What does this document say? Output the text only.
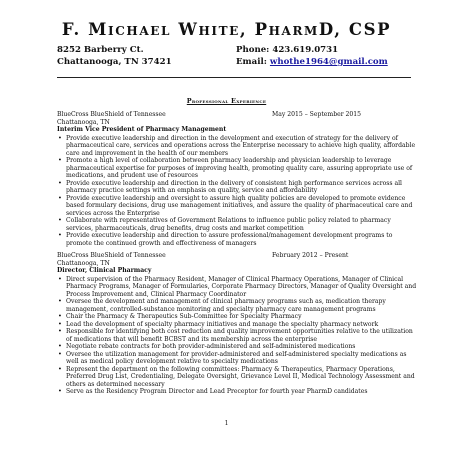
F. Michael White, PharmD, CSP
8252 Barberry Ct.
Chattanooga, TN 37421
Phone: 423.619.0731
Email: whothe1964@gmail.com
Professional Experience
BlueCross BlueShield of Tennessee	May 2015 – September 2015
Chattanooga, TN
Interim Vice President of Pharmacy Management
• Provide executive leadership and direction in the development and execution of strategy for the delivery of pharmaceutical care, services and operations across the Enterprise necessary to achieve high quality, affordable care and improvement in the health of our members
• Promote a high level of collaboration between pharmacy leadership and physician leadership to leverage pharmaceutical expertise for purposes of improving health, promoting quality care, assuring appropriate use of medications, and prudent use of resources
• Provide executive leadership and direction in the delivery of consistent high performance services across all pharmacy practice settings with an emphasis on quality, service and affordability
• Provide executive leadership and oversight to assure high quality policies are developed to promote evidence based formulary decisions, drug use management initiatives, and assure the quality of pharmaceutical care and services across the Enterprise
• Collaborate with representatives of Government Relations to influence public policy related to pharmacy services, pharmaceuticals, drug benefits, drug costs and market competition
• Provide executive leadership and direction to assure professional/management development programs to promote the continued growth and effectiveness of managers
BlueCross BlueShield of Tennessee	February 2012 – Present
Chattanooga, TN
Director, Clinical Pharmacy
• Direct supervision of the Pharmacy Resident, Manager of Clinical Pharmacy Operations, Manager of Clinical Pharmacy Programs, Manager of Formularies, Corporate Pharmacy Directors, Manager of Quality Oversight and Process Improvement and, Clinical Pharmacy Coordinator
• Oversee the development and management of clinical pharmacy programs such as, medication therapy management, controlled-substance monitoring and specialty pharmacy care management programs
• Chair the Pharmacy & Therapeutics Sub-Committee for Specialty Pharmacy
• Lead the development of specialty pharmacy initiatives and manage the specialty pharmacy network
• Responsible for identifying both cost reduction and quality improvement opportunities relative to the utilization of medications that will benefit BCBST and its membership across the enterprise
• Negotiate rebate contracts for both provider-administered and self-administered medications
• Oversee the utilization management for provider-administered and self-administered specialty medications as well as medical policy development relative to specialty medications
• Represent the department on the following committees: Pharmacy & Therapeutics, Pharmacy Operations, Preferred Drug List, Credentialing, Delegate Oversight, Grievance Level II, Medical Technology Assessment and others as determined necessary
• Serve as the Residency Program Director and Lead Preceptor for fourth year PharmD candidates
1
